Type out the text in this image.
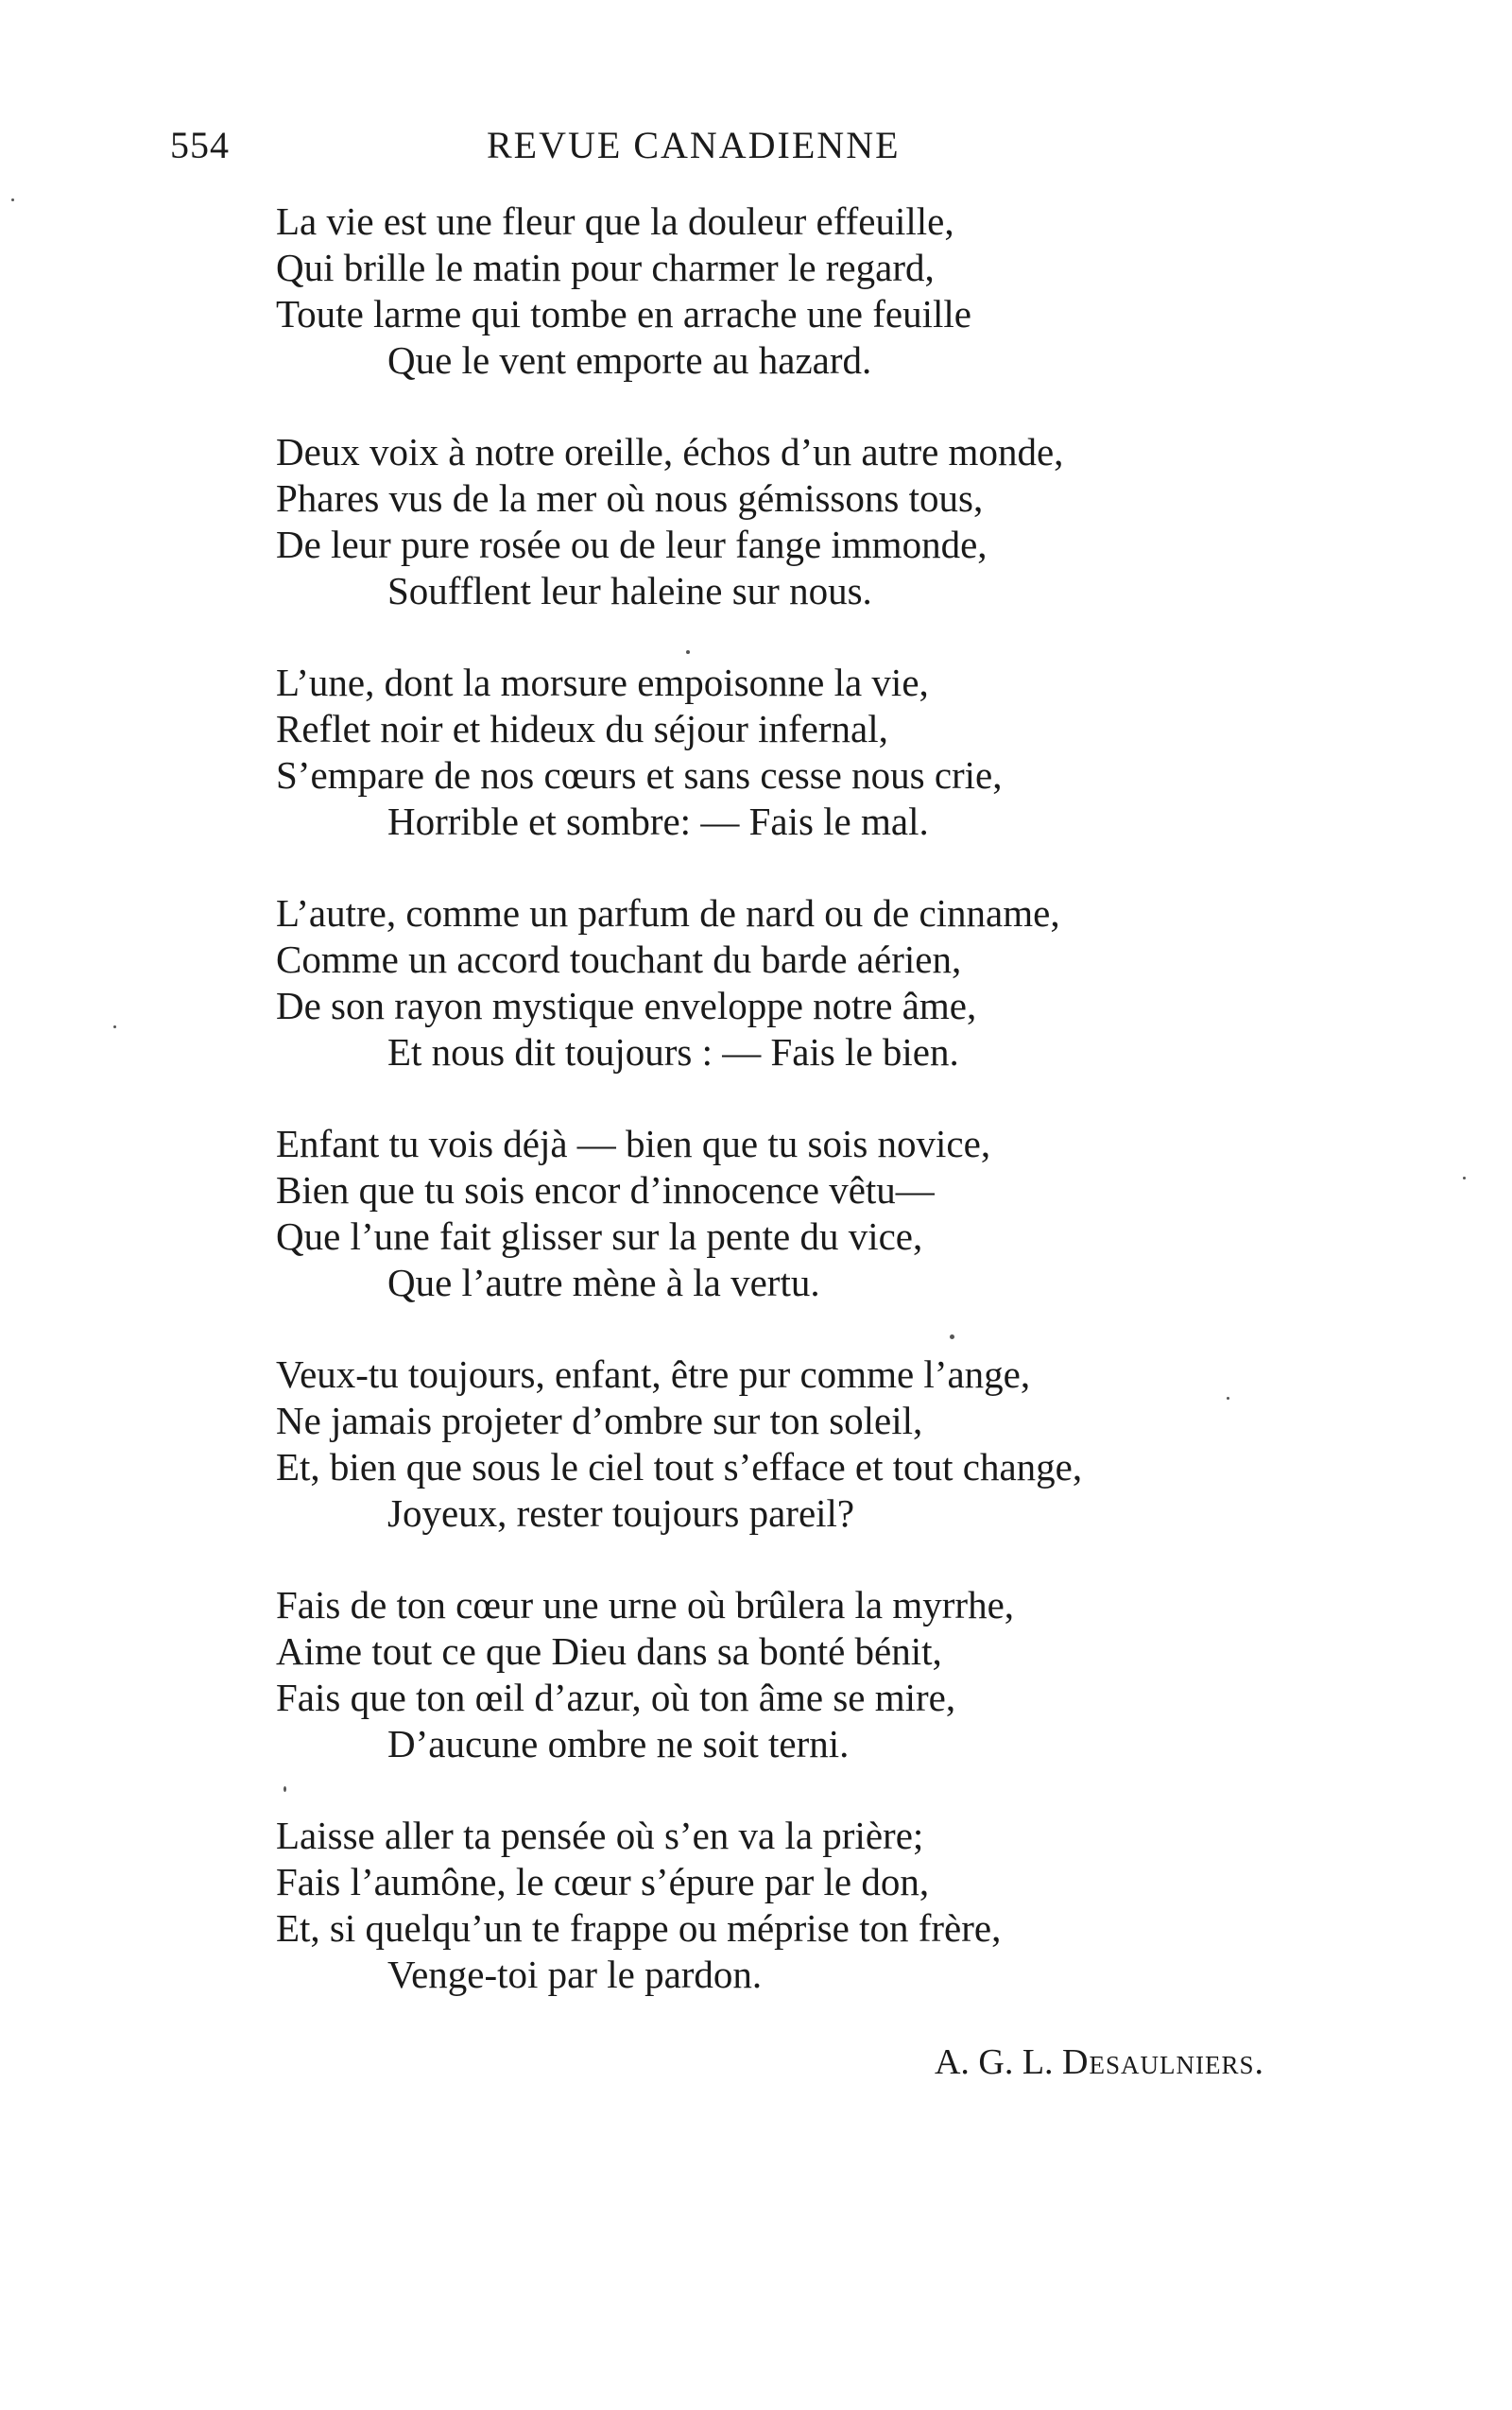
554	REVUE CANADIENNE
La vie est une fleur que la douleur effeuille,
Qui brille le matin pour charmer le regard,
Toute larme qui tombe en arrache une feuille
Que le vent emporte au hazard.
Deux voix à notre oreille, échos d’un autre monde,
Phares vus de la mer où nous gémissons tous,
De leur pure rosée ou de leur fange immonde,
Soufflent leur haleine sur nous.
L’une, dont la morsure empoisonne la vie,
Reflet noir et hideux du séjour infernal,
S’empare de nos cœurs et sans cesse nous crie,
Horrible et sombre: — Fais le mal.
L’autre, comme un parfum de nard ou de cinname,
Comme un accord touchant du barde aérien,
De son rayon mystique enveloppe notre âme,
Et nous dit toujours : — Fais le bien.
Enfant tu vois déjà — bien que tu sois novice,
Bien que tu sois encor d’innocence vêtu—
Que l’une fait glisser sur la pente du vice,
Que l’autre mène à la vertu.
Veux-tu toujours, enfant, être pur comme l’ange,
Ne jamais projeter d’ombre sur ton soleil,
Et, bien que sous le ciel tout s’efface et tout change,
Joyeux, rester toujours pareil?
Fais de ton cœur une urne où brûlera la myrrhe,
Aime tout ce que Dieu dans sa bonté bénit,
Fais que ton œil d’azur, où ton âme se mire,
D’aucune ombre ne soit terni.
Laisse aller ta pensée où s’en va la prière;
Fais l’aumône, le cœur s’épure par le don,
Et, si quelqu’un te frappe ou méprise ton frère,
Venge-toi par le pardon.
A. G. L. Desaulniers.
